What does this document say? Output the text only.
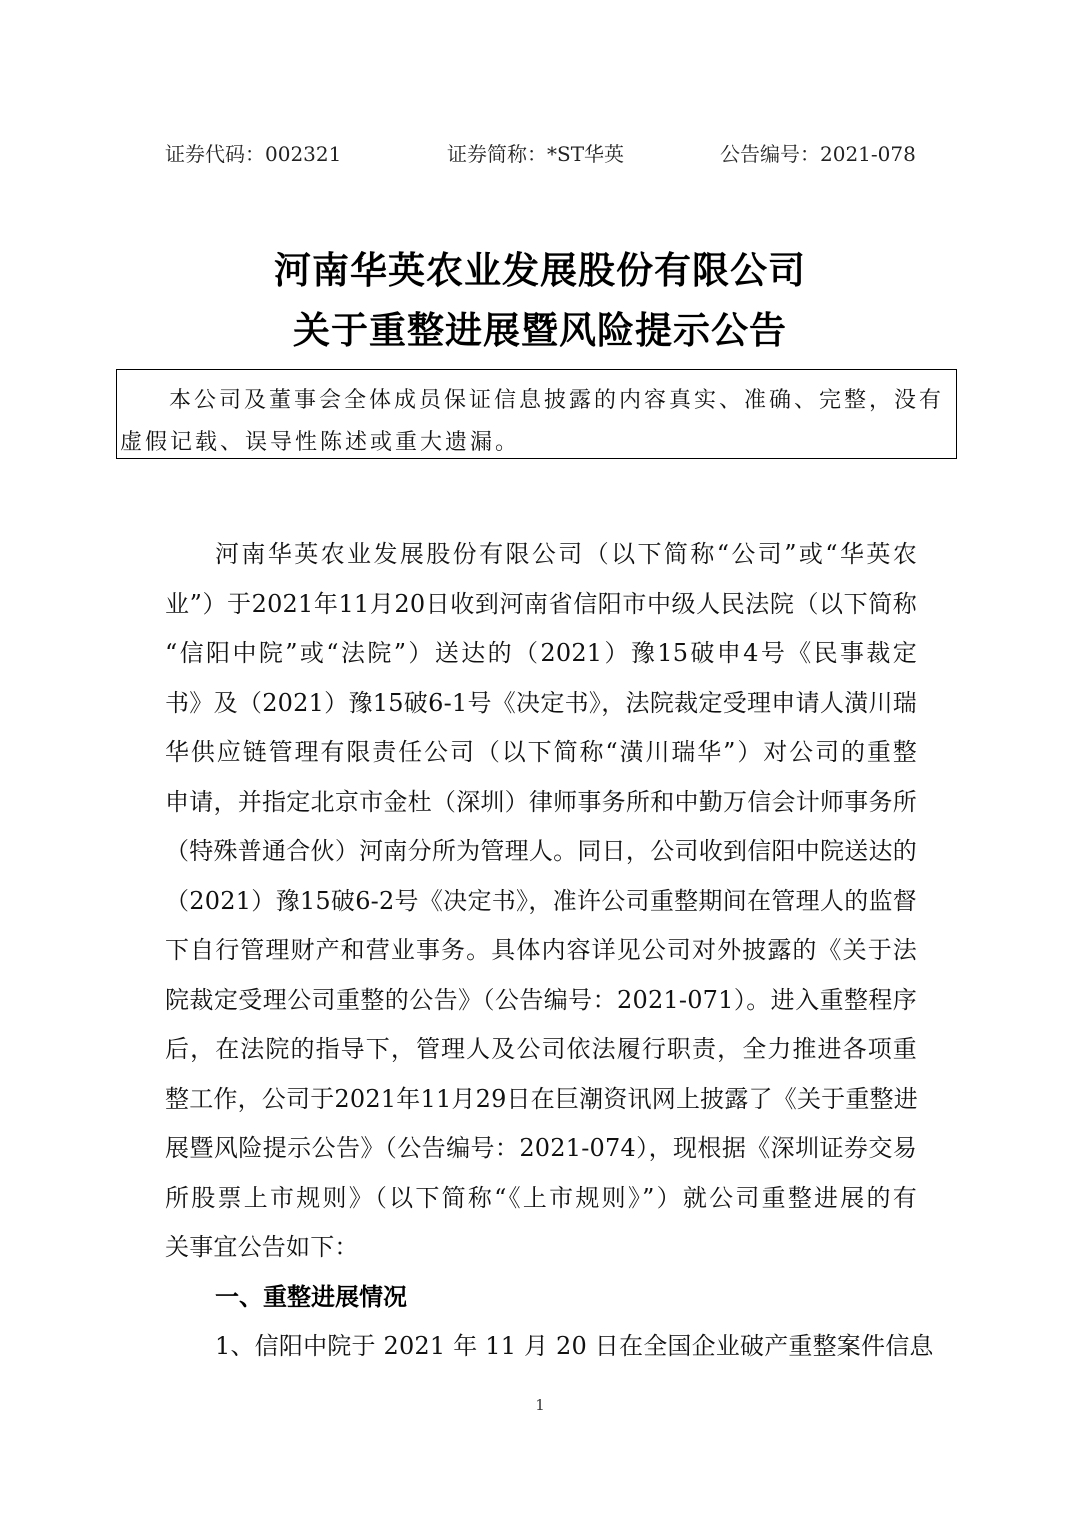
证券代码：002321	证券简称：*ST华英	公告编号：2021-078
河南华英农业发展股份有限公司
关于重整进展暨风险提示公告
本公司及董事会全体成员保证信息披露的内容真实、准确、完整，没有
虚假记载、误导性陈述或重大遗漏。
河南华英农业发展股份有限公司（以下简称“公司”或“华英农
业”）于2021年11月20日收到河南省信阳市中级人民法院（以下简称
“信阳中院”或“法院”）送达的（2021）豫15破申4号《民事裁定
书》及（2021）豫15破6-1号《决定书》，法院裁定受理申请人潢川瑞
华供应链管理有限责任公司（以下简称“潢川瑞华”）对公司的重整
申请，并指定北京市金杜（深圳）律师事务所和中勤万信会计师事务所
（特殊普通合伙）河南分所为管理人。同日，公司收到信阳中院送达的
（2021）豫15破6-2号《决定书》，准许公司重整期间在管理人的监督
下自行管理财产和营业事务。具体内容详见公司对外披露的《关于法
院裁定受理公司重整的公告》（公告编号：2021-071）。进入重整程序
后，在法院的指导下，管理人及公司依法履行职责，全力推进各项重
整工作，公司于2021年11月29日在巨潮资讯网上披露了《关于重整进
展暨风险提示公告》（公告编号：2021-074），现根据《深圳证券交易
所股票上市规则》（以下简称“《上市规则》”）就公司重整进展的有
关事宜公告如下：
一、重整进展情况
1、信阳中院于 2021 年 11 月 20 日在全国企业破产重整案件信息
1
